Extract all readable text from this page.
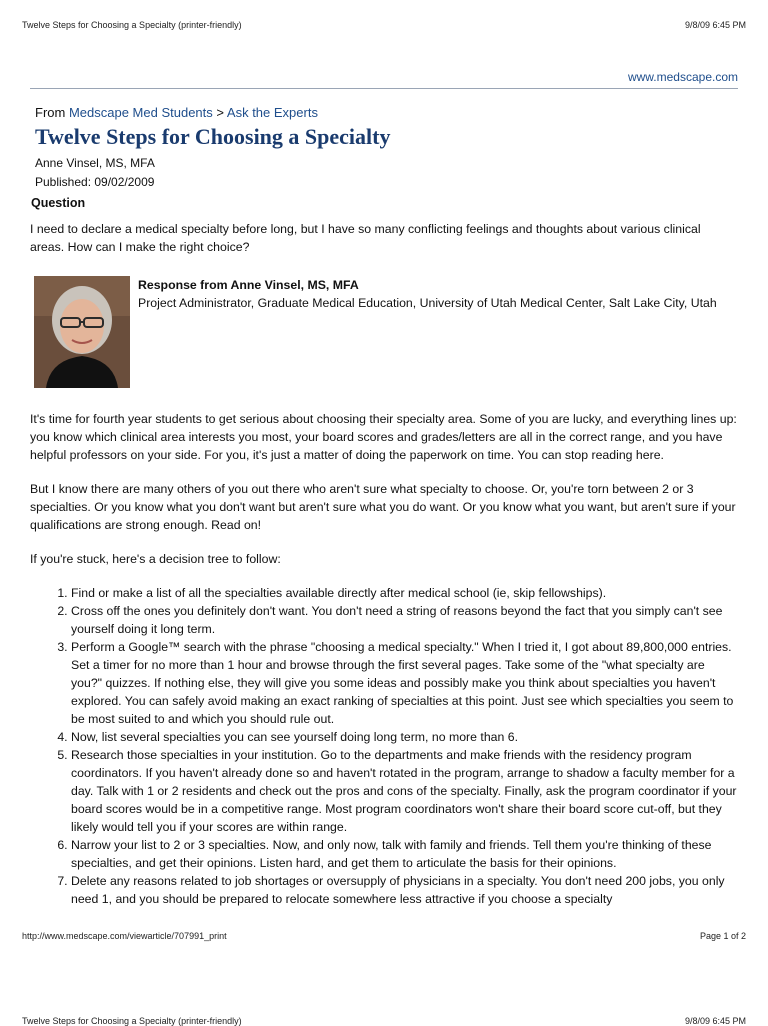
Twelve Steps for Choosing a Specialty (printer-friendly)	9/8/09 6:45 PM
www.medscape.com
From Medscape Med Students > Ask the Experts
Twelve Steps for Choosing a Specialty
Anne Vinsel, MS, MFA
Published: 09/02/2009
Question

I need to declare a medical specialty before long, but I have so many conflicting feelings and thoughts about various clinical areas. How can I make the right choice?

Response from Anne Vinsel, MS, MFA
Project Administrator, Graduate Medical Education, University of Utah Medical Center, Salt Lake City, Utah

It's time for fourth year students to get serious about choosing their specialty area. Some of you are lucky, and everything lines up: you know which clinical area interests you most, your board scores and grades/letters are all in the correct range, and you have helpful professors on your side. For you, it's just a matter of doing the paperwork on time. You can stop reading here.

But I know there are many others of you out there who aren't sure what specialty to choose. Or, you're torn between 2 or 3 specialties. Or you know what you don't want but aren't sure what you do want. Or you know what you want, but aren't sure if your qualifications are strong enough. Read on!

If you're stuck, here's a decision tree to follow:

1. Find or make a list of all the specialties available directly after medical school (ie, skip fellowships).
2. Cross off the ones you definitely don't want. You don't need a string of reasons beyond the fact that you simply can't see yourself doing it long term.
3. Perform a Google™ search with the phrase "choosing a medical specialty." When I tried it, I got about 89,800,000 entries. Set a timer for no more than 1 hour and browse through the first several pages. Take some of the "what specialty are you?" quizzes. If nothing else, they will give you some ideas and possibly make you think about specialties you haven't explored. You can safely avoid making an exact ranking of specialties at this point. Just see which specialties you seem to be most suited to and which you should rule out.
4. Now, list several specialties you can see yourself doing long term, no more than 6.
5. Research those specialties in your institution. Go to the departments and make friends with the residency program coordinators. If you haven't already done so and haven't rotated in the program, arrange to shadow a faculty member for a day. Talk with 1 or 2 residents and check out the pros and cons of the specialty. Finally, ask the program coordinator if your board scores would be in a competitive range. Most program coordinators won't share their board score cut-off, but they likely would tell you if your scores are within range.
6. Narrow your list to 2 or 3 specialties. Now, and only now, talk with family and friends. Tell them you're thinking of these specialties, and get their opinions. Listen hard, and get them to articulate the basis for their opinions.
7. Delete any reasons related to job shortages or oversupply of physicians in a specialty. You don't need 200 jobs, you only need 1, and you should be prepared to relocate somewhere less attractive if you choose a specialty
http://www.medscape.com/viewarticle/707991_print	Page 1 of 2
Twelve Steps for Choosing a Specialty (printer-friendly)	9/8/09 6:45 PM
